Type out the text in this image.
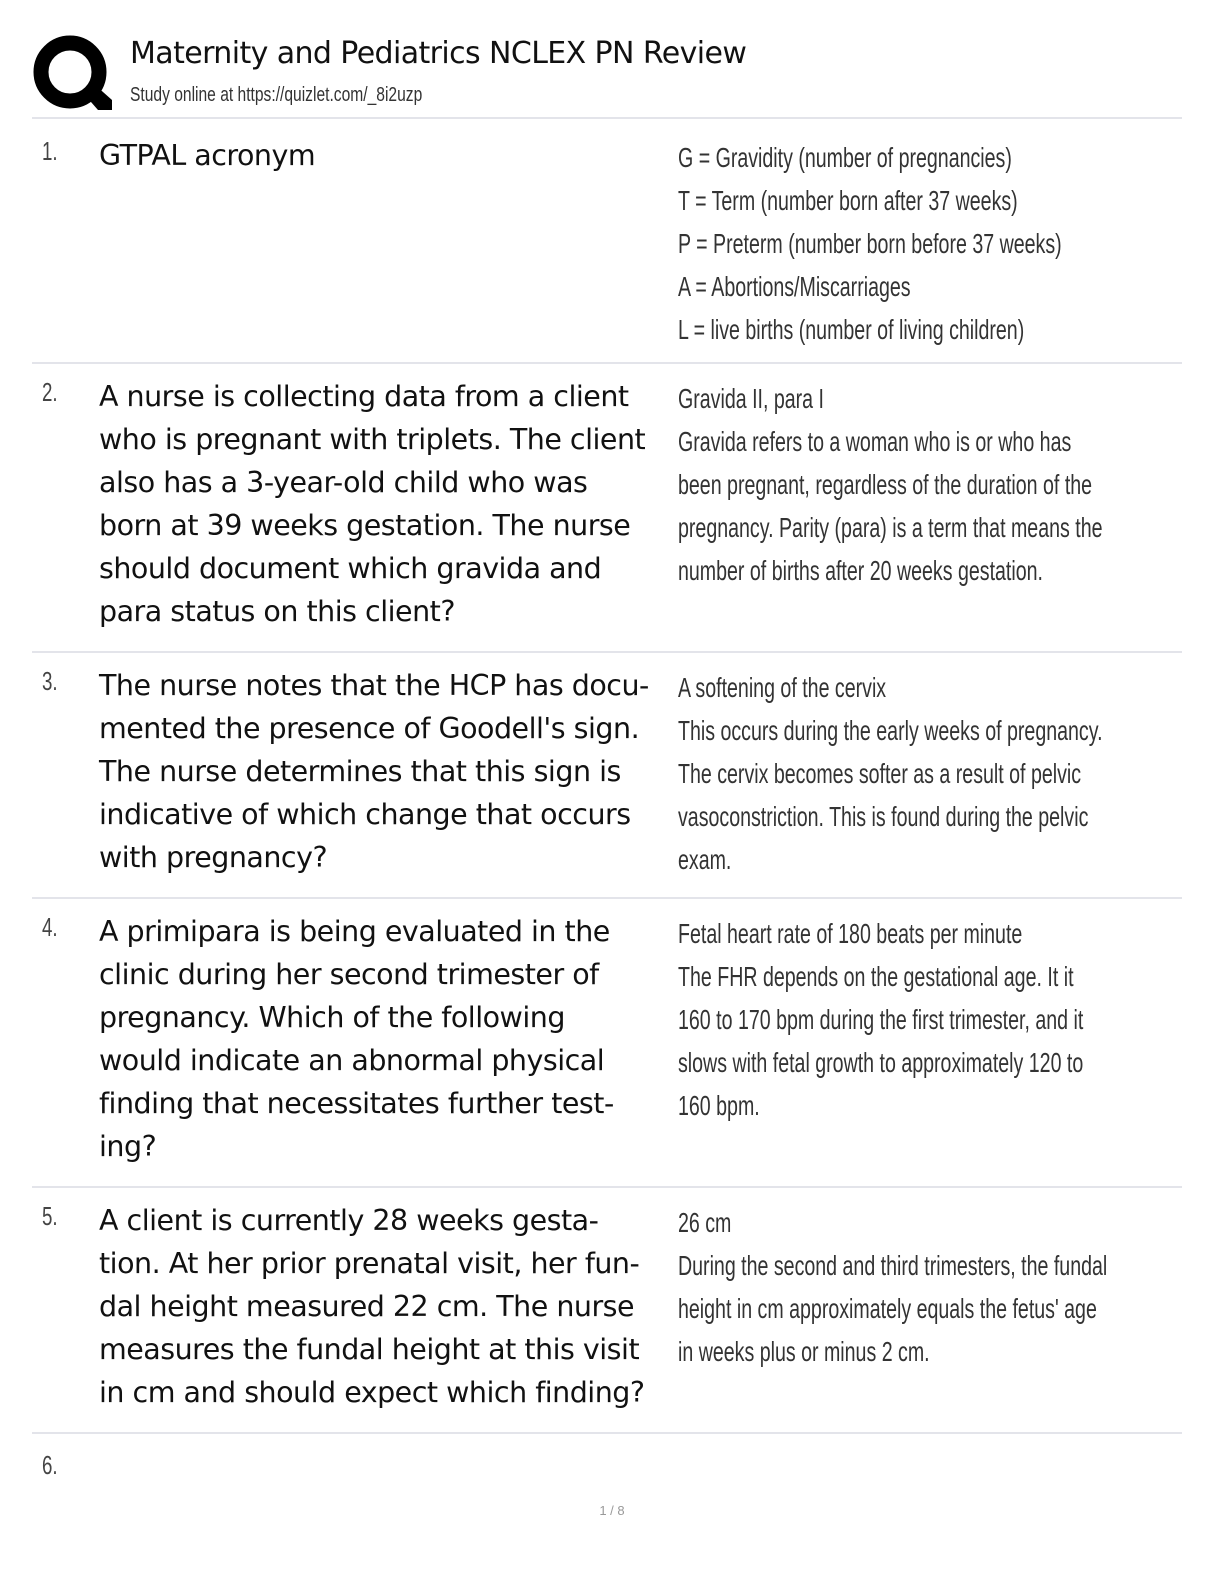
Maternity and Pediatrics NCLEX PN Review
Study online at https://quizlet.com/_8i2uzp
1. GTPAL acronym	G = Gravidity (number of pregnancies)
T = Term (number born after 37 weeks)
P = Preterm (number born before 37 weeks)
A = Abortions/Miscarriages
L = live births (number of living children)
2. A nurse is collecting data from a client
who is pregnant with triplets. The client
also has a 3-year-old child who was
born at 39 weeks gestation. The nurse
should document which gravida and
para status on this client?
Gravida II, para I
Gravida refers to a woman who is or who has
been pregnant, regardless of the duration of the
pregnancy. Parity (para) is a term that means the
number of births after 20 weeks gestation.
3. The nurse notes that the HCP has docu-
mented the presence of Goodell's sign.
The nurse determines that this sign is
indicative of which change that occurs
with pregnancy?
A softening of the cervix
This occurs during the early weeks of pregnancy.
The cervix becomes softer as a result of pelvic
vasoconstriction. This is found during the pelvic
exam.
4. A primipara is being evaluated in the
clinic during her second trimester of
pregnancy. Which of the following
would indicate an abnormal physical
finding that necessitates further test-
ing?
Fetal heart rate of 180 beats per minute
The FHR depends on the gestational age. It it
160 to 170 bpm during the first trimester, and it
slows with fetal growth to approximately 120 to
160 bpm.
5. A client is currently 28 weeks gesta-
tion. At her prior prenatal visit, her fun-
dal height measured 22 cm. The nurse
measures the fundal height at this visit
in cm and should expect which finding?
26 cm
During the second and third trimesters, the fundal
height in cm approximately equals the fetus' age
in weeks plus or minus 2 cm.
6.
1 / 8
